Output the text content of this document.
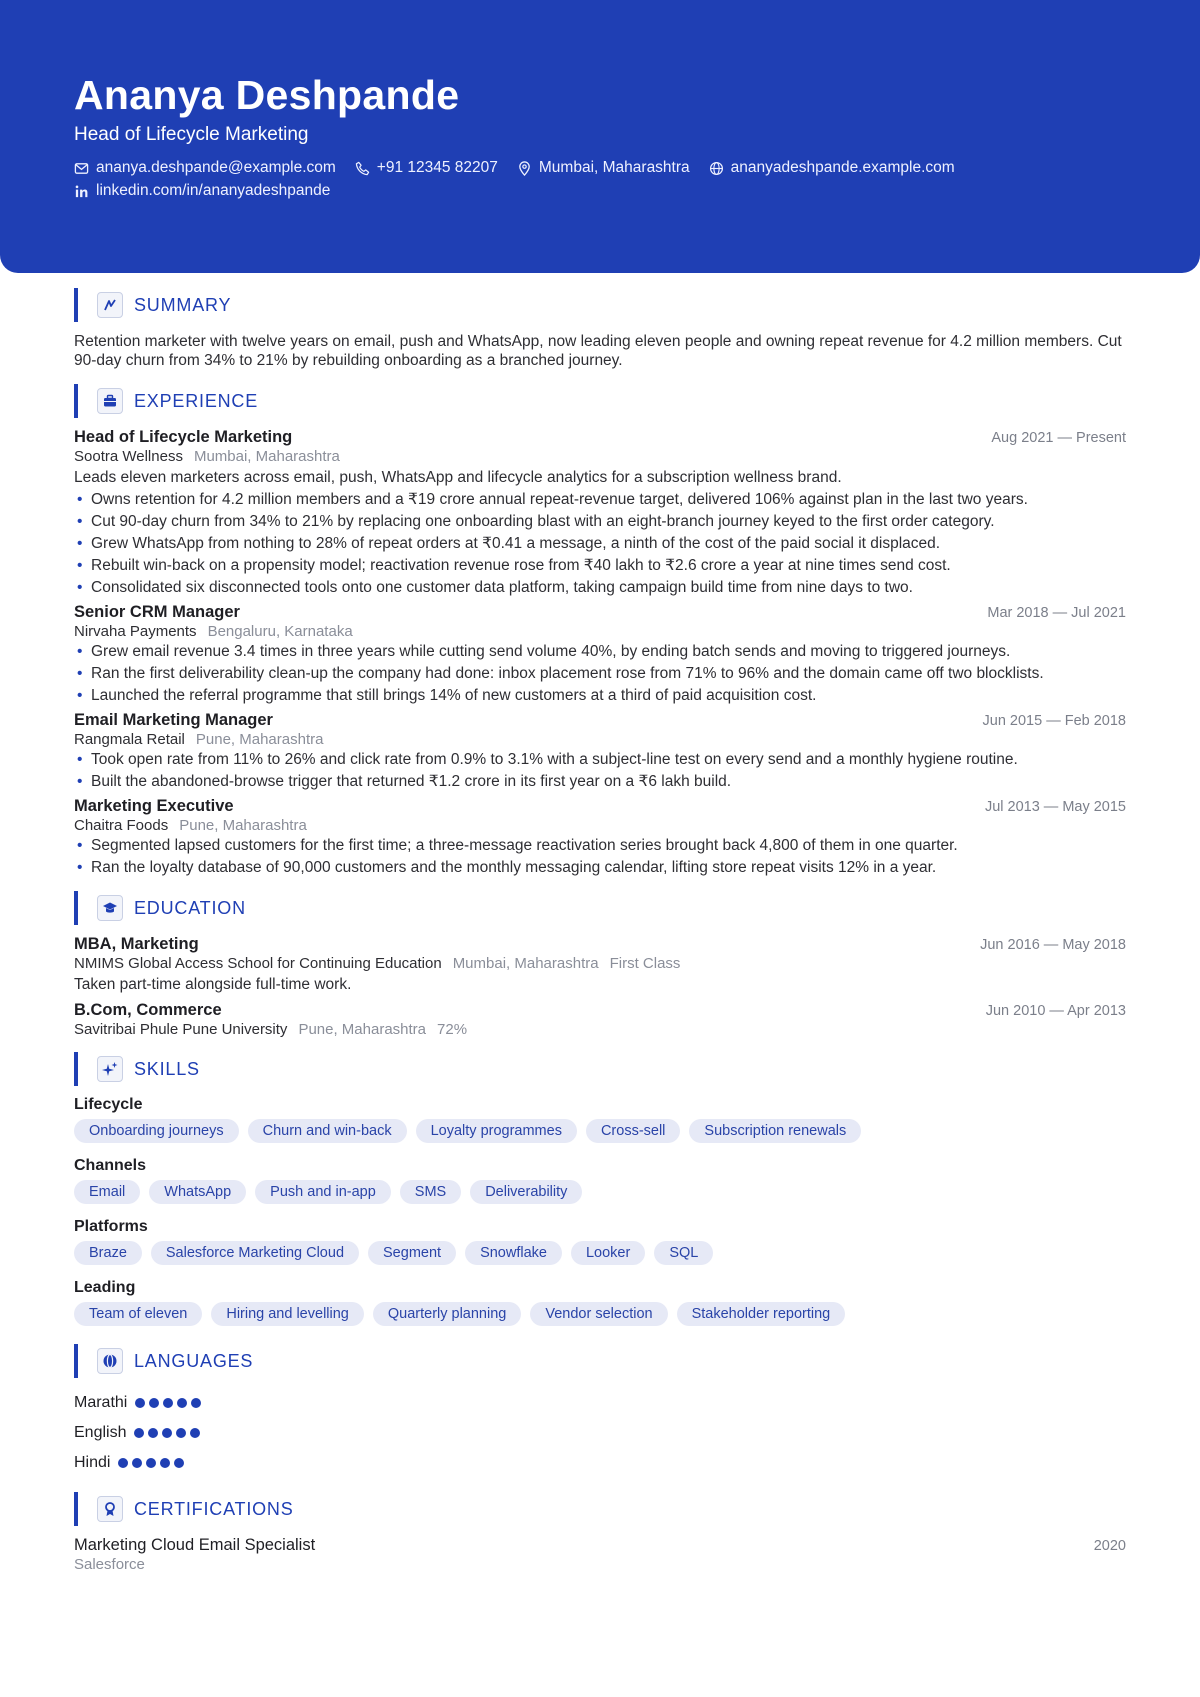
Ananya Deshpande
Head of Lifecycle Marketing
ananya.deshpande@example.com	+91 12345 82207	Mumbai, Maharashtra	ananyadeshpande.example.com
linkedin.com/in/ananyadeshpande
SUMMARY
Retention marketer with twelve years on email, push and WhatsApp, now leading eleven people and owning repeat revenue for 4.2 million members. Cut 90-day churn from 34% to 21% by rebuilding onboarding as a branched journey.
EXPERIENCE
Head of Lifecycle Marketing	Aug 2021 — Present
Sootra Wellness Mumbai, Maharashtra
Leads eleven marketers across email, push, WhatsApp and lifecycle analytics for a subscription wellness brand.
• Owns retention for 4.2 million members and a ₹19 crore annual repeat-revenue target, delivered 106% against plan in the last two years.
• Cut 90-day churn from 34% to 21% by replacing one onboarding blast with an eight-branch journey keyed to the first order category.
• Grew WhatsApp from nothing to 28% of repeat orders at ₹0.41 a message, a ninth of the cost of the paid social it displaced.
• Rebuilt win-back on a propensity model; reactivation revenue rose from ₹40 lakh to ₹2.6 crore a year at nine times send cost.
• Consolidated six disconnected tools onto one customer data platform, taking campaign build time from nine days to two.
Senior CRM Manager	Mar 2018 — Jul 2021
Nirvaha Payments Bengaluru, Karnataka
• Grew email revenue 3.4 times in three years while cutting send volume 40%, by ending batch sends and moving to triggered journeys.
• Ran the first deliverability clean-up the company had done: inbox placement rose from 71% to 96% and the domain came off two blocklists.
• Launched the referral programme that still brings 14% of new customers at a third of paid acquisition cost.
Email Marketing Manager	Jun 2015 — Feb 2018
Rangmala Retail Pune, Maharashtra
• Took open rate from 11% to 26% and click rate from 0.9% to 3.1% with a subject-line test on every send and a monthly hygiene routine.
• Built the abandoned-browse trigger that returned ₹1.2 crore in its first year on a ₹6 lakh build.
Marketing Executive	Jul 2013 — May 2015
Chaitra Foods Pune, Maharashtra
• Segmented lapsed customers for the first time; a three-message reactivation series brought back 4,800 of them in one quarter.
• Ran the loyalty database of 90,000 customers and the monthly messaging calendar, lifting store repeat visits 12% in a year.
EDUCATION
MBA, Marketing	Jun 2016 — May 2018
NMIMS Global Access School for Continuing Education Mumbai, Maharashtra First Class
Taken part-time alongside full-time work.
B.Com, Commerce	Jun 2010 — Apr 2013
Savitribai Phule Pune University Pune, Maharashtra 72%
SKILLS
Lifecycle
Onboarding journeys	Churn and win-back	Loyalty programmes	Cross-sell	Subscription renewals
Channels
Email	WhatsApp	Push and in-app	SMS	Deliverability
Platforms
Braze	Salesforce Marketing Cloud	Segment	Snowflake	Looker	SQL
Leading
Team of eleven	Hiring and levelling	Quarterly planning	Vendor selection	Stakeholder reporting
LANGUAGES
Marathi
English
Hindi
CERTIFICATIONS
Marketing Cloud Email Specialist	2020
Salesforce
